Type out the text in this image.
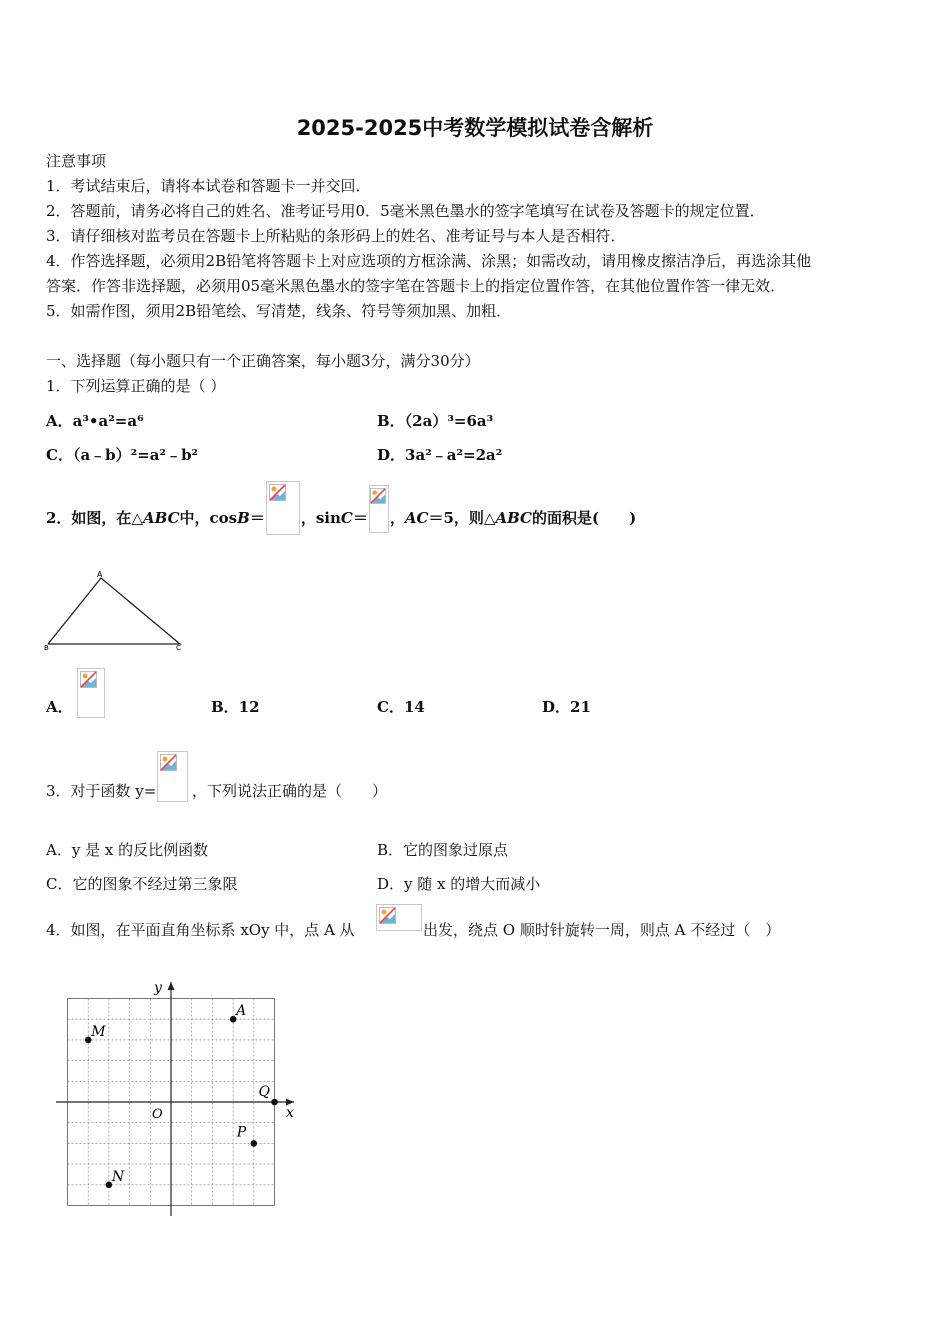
2025-2025中考数学模拟试卷含解析
注意事项
1．考试结束后，请将本试卷和答题卡一并交回．
2．答题前，请务必将自己的姓名、准考证号用0．5毫米黑色墨水的签字笔填写在试卷及答题卡的规定位置．
3．请仔细核对监考员在答题卡上所粘贴的条形码上的姓名、准考证号与本人是否相符．
4．作答选择题，必须用2B铅笔将答题卡上对应选项的方框涂满、涂黑；如需改动，请用橡皮擦洁净后，再选涂其他
答案．作答非选择题，必须用05毫米黑色墨水的签字笔在答题卡上的指定位置作答，在其他位置作答一律无效．
5．如需作图，须用2B铅笔绘、写清楚，线条、符号等须加黑、加粗．
一、选择题（每小题只有一个正确答案，每小题3分，满分30分）
1．下列运算正确的是（ ）
A．a³•a²=a⁶	B．（2a）³=6a³
C．（a﹣b）²=a²﹣b²	D．3a²﹣a²=2a²
2．如图，在△ABC中，cosB＝ ，sinC＝ ，AC＝5，则△ABC的面积是(　　)
A
B	C
A．	B．12	C．14	D．21
3．对于函数 y= ，下列说法正确的是（　　）
A．y 是 x 的反比例函数	B．它的图象过原点
C．它的图象不经过第三象限	D．y 随 x 的增大而减小
4．如图，在平面直角坐标系 xOy 中，点 A 从	出发，绕点 O 顺时针旋转一周，则点 A 不经过（　）
x
y
O
A
M
Q
P
N
